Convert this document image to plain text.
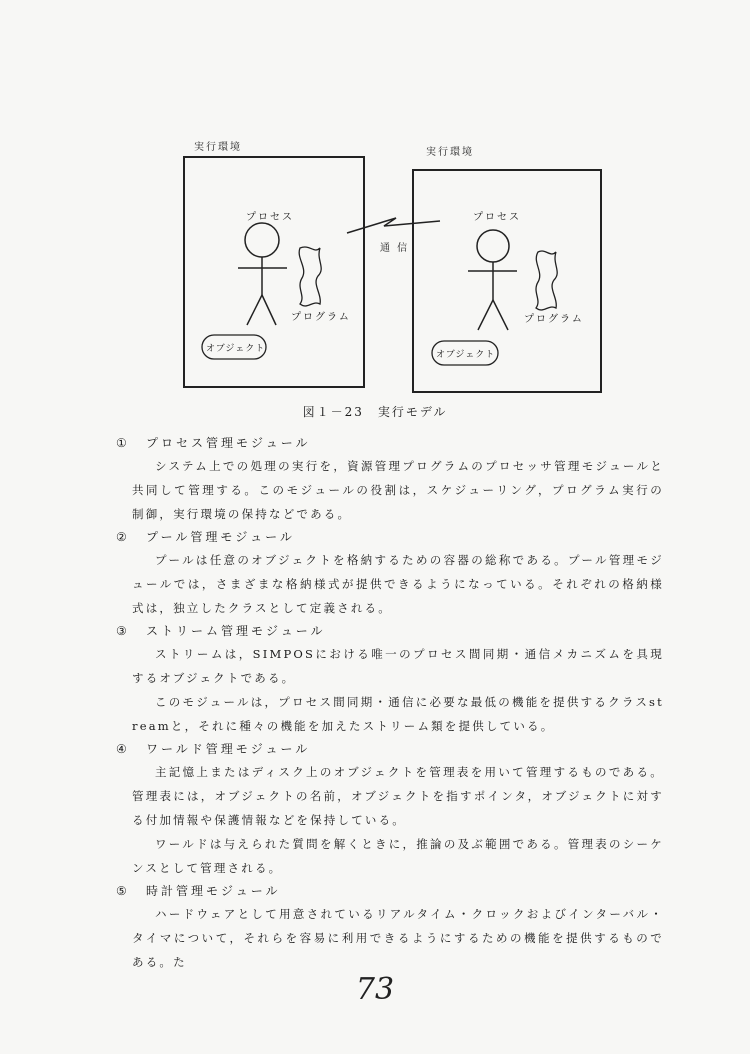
実行環境	実行環境
プロセス	プロセス
通 信
プログラム	プログラム
オブジェクト
オブジェクト
図１－23　実行モデル
① プロセス管理モジュール
システム上での処理の実行を，資源管理プログラムのプロセッサ管理モジュールと共同して管理する。このモジュールの役割は，スケジューリング，プログラム実行の制御，実行環境の保持などである。
② プール管理モジュール
プールは任意のオブジェクトを格納するための容器の総称である。プール管理モジュールでは，さまざまな格納様式が提供できるようになっている。それぞれの格納様式は，独立したクラスとして定義される。
③ ストリーム管理モジュール
ストリームは，SIMPOSにおける唯一のプロセス間同期・通信メカニズムを具現するオブジェクトである。
このモジュールは，プロセス間同期・通信に必要な最低の機能を提供するクラスstreamと，それに種々の機能を加えたストリーム類を提供している。
④ ワールド管理モジュール
主記憶上またはディスク上のオブジェクトを管理表を用いて管理するものである。管理表には，オブジェクトの名前，オブジェクトを指すポインタ，オブジェクトに対する付加情報や保護情報などを保持している。
ワールドは与えられた質問を解くときに，推論の及ぶ範囲である。管理表のシーケンスとして管理される。
⑤ 時計管理モジュール
ハードウェアとして用意されているリアルタイム・クロックおよびインターバル・タイマについて，それらを容易に利用できるようにするための機能を提供するものである。た
73
